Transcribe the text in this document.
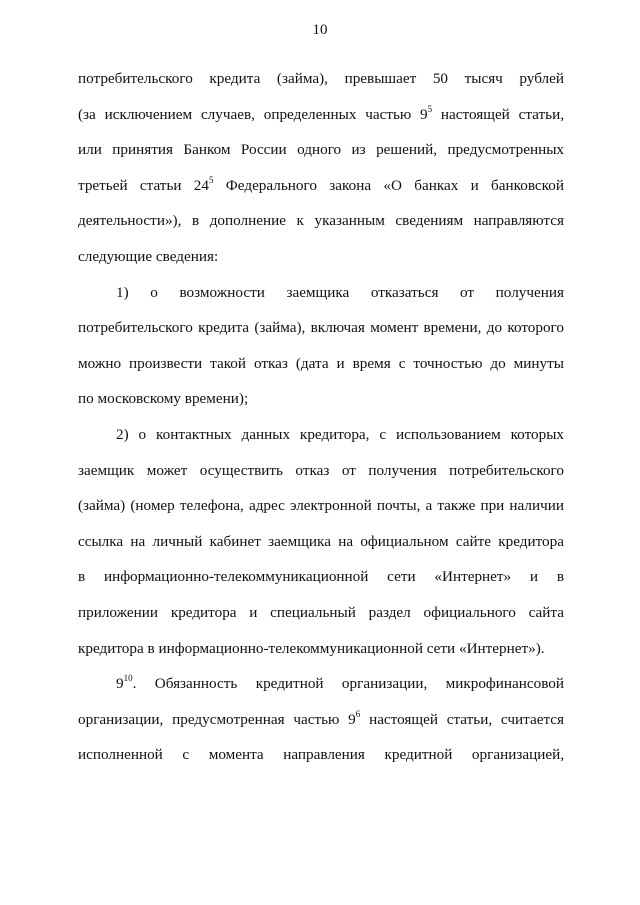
10
потребительского кредита (займа), превышает 50 тысяч рублей
(за исключением случаев, определенных частью $9^5$ настоящей статьи,
или принятия Банком России одного из решений, предусмотренных
третьей статьи $24^5$ Федерального закона «О банках и банковской
деятельности»), в дополнение к указанным сведениям направляются
следующие сведения:
1) о возможности заемщика отказаться от получения
потребительского кредита (займа), включая момент времени, до которого
можно произвести такой отказ (дата и время с точностью до минуты
по московскому времени);
2) о контактных данных кредитора, с использованием которых
заемщик может осуществить отказ от получения потребительского
(займа) (номер телефона, адрес электронной почты, а также при наличии
ссылка на личный кабинет заемщика на официальном сайте кредитора
в информационно-телекоммуникационной сети «Интернет» и в
приложении кредитора и специальный раздел официального сайта
кредитора в информационно-телекоммуникационной сети «Интернет»).
$9^{10}$. Обязанность кредитной организации, микрофинансовой
организации, предусмотренная частью $9^6$ настоящей статьи, считается
исполненной с момента направления кредитной организацией,
